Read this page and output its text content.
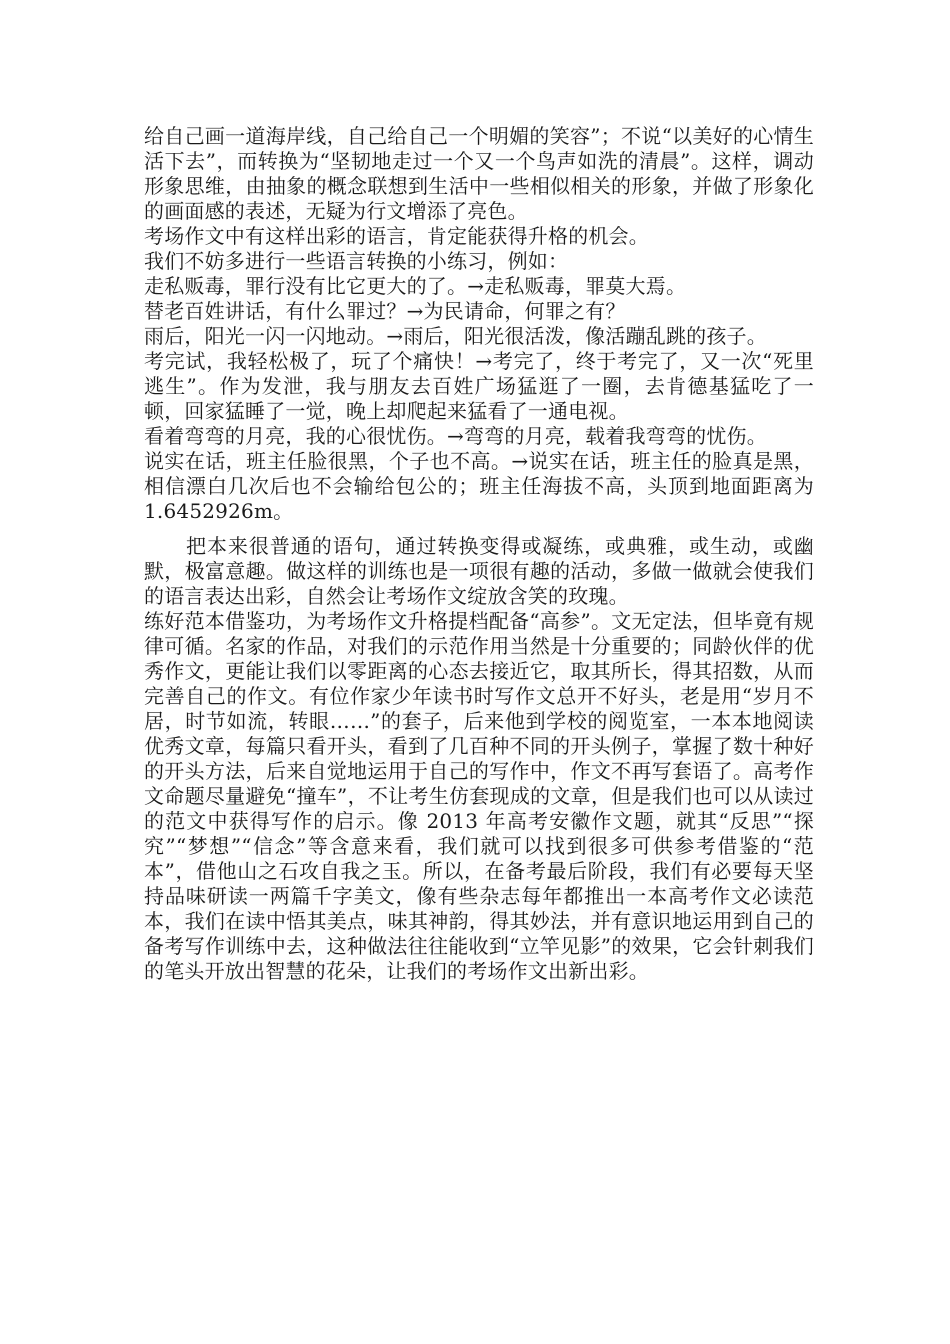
给自己画一道海岸线，自己给自己一个明媚的笑容”；不说“以美好的心情生活下去”，而转换为“坚韧地走过一个又一个鸟声如洗的清晨”。这样，调动形象思维，由抽象的概念联想到生活中一些相似相关的形象，并做了形象化的画面感的表述，无疑为行文增添了亮色。

考场作文中有这样出彩的语言，肯定能获得升格的机会。

我们不妨多进行一些语言转换的小练习，例如：

走私贩毒，罪行没有比它更大的了。→走私贩毒，罪莫大焉。

替老百姓讲话，有什么罪过？→为民请命，何罪之有？

雨后，阳光一闪一闪地动。→雨后，阳光很活泼，像活蹦乱跳的孩子。

考完试，我轻松极了，玩了个痛快！→考完了，终于考完了，又一次“死里逃生”。作为发泄，我与朋友去百姓广场猛逛了一圈，去肯德基猛吃了一顿，回家猛睡了一觉，晚上却爬起来猛看了一通电视。

看着弯弯的月亮，我的心很忧伤。→弯弯的月亮，载着我弯弯的忧伤。

说实在话，班主任脸很黑，个子也不高。→说实在话，班主任的脸真是黑，相信漂白几次后也不会输给包公的；班主任海拔不高，头顶到地面距离为 1.6452926m。

把本来很普通的语句，通过转换变得或凝练，或典雅，或生动，或幽默，极富意趣。做这样的训练也是一项很有趣的活动，多做一做就会使我们的语言表达出彩，自然会让考场作文绽放含笑的玫瑰。

练好范本借鉴功，为考场作文升格提档配备“高参”。文无定法，但毕竟有规律可循。名家的作品，对我们的示范作用当然是十分重要的；同龄伙伴的优秀作文，更能让我们以零距离的心态去接近它，取其所长，得其招数，从而完善自己的作文。有位作家少年读书时写作文总开不好头，老是用“岁月不居，时节如流，转眼……”的套子，后来他到学校的阅览室，一本本地阅读优秀文章，每篇只看开头，看到了几百种不同的开头例子，掌握了数十种好的开头方法，后来自觉地运用于自己的写作中，作文不再写套语了。高考作文命题尽量避免“撞车”，不让考生仿套现成的文章，但是我们也可以从读过的范文中获得写作的启示。像 2013 年高考安徽作文题，就其“反思”“探究”“梦想”“信念”等含意来看，我们就可以找到很多可供参考借鉴的“范本”，借他山之石攻自我之玉。所以，在备考最后阶段，我们有必要每天坚持品味研读一两篇千字美文，像有些杂志每年都推出一本高考作文必读范本，我们在读中悟其美点，味其神韵，得其妙法，并有意识地运用到自己的备考写作训练中去，这种做法往往能收到“立竿见影”的效果，它会针刺我们的笔头开放出智慧的花朵，让我们的考场作文出新出彩。
